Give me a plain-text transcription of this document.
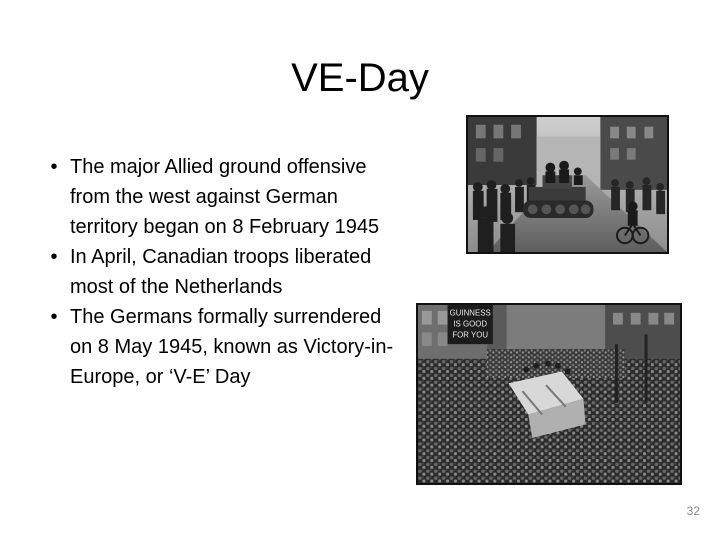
VE-Day
• The major Allied ground offensive from the west against German territory began on 8 February 1945
• In April, Canadian troops liberated most of the Netherlands
• The Germans formally surrendered on 8 May 1945, known as Victory-in-Europe, or ‘V-E’ Day
GUINNESS
IS GOOD
FOR YOU
32
